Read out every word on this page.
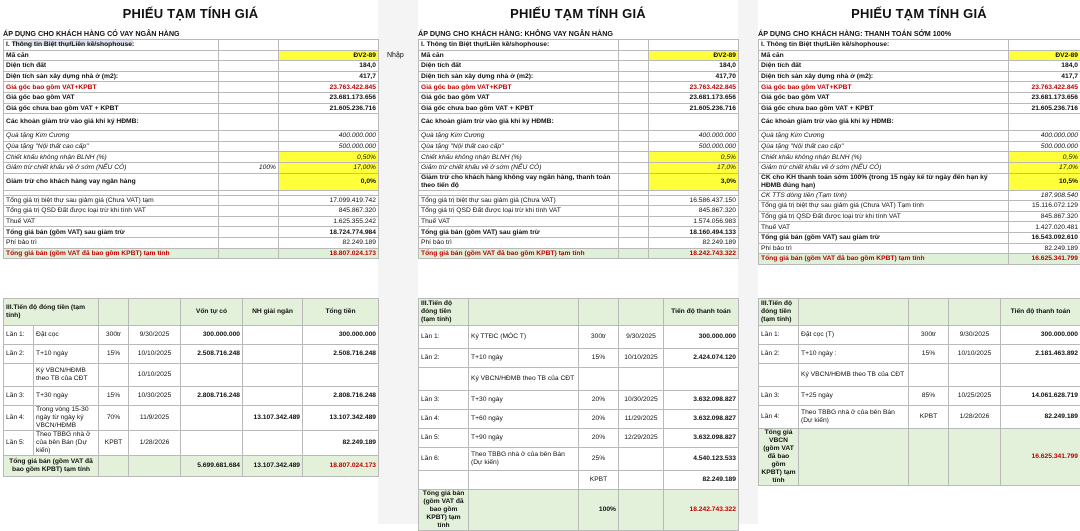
PHIẾU TẠM TÍNH GIÁ
ÁP DỤNG CHO KHÁCH HÀNG CÓ VAY NGÂN HÀNG
I. Thông tin Biệt thự/Liền kề/shophouse:		
Mã căn		ĐV2-89
Diện tích đất		184,0
Diện tích sàn xây dựng nhà ở (m2):		417,7
Giá gốc bao gồm VAT+KPBT		23.763.422.845
Giá gốc bao gồm VAT		23.681.173.656
Giá gốc chưa bao gồm VAT + KPBT		21.605.236.716
Các khoản giảm trừ vào giá khi ký HĐMB:		
Quà tặng Kim Cương		400.000.000
Qùa tặng "Nội thất cao cấp"		500.000.000
Chiết khấu không nhận BLNH (%)		0,50%
Giảm trừ chiết khấu về ở sớm (NẾU CÓ)	100%	17,00%
Giảm trừ cho khách hàng vay ngân hàng		0,0%

Tổng giá trị biệt thự sau giảm giá (Chưa VAT) tạm		17.099.419.742
Tổng giá trị QSD Đất được loại trừ khi tính VAT		845.867.320
Thuế VAT		1.625.355.242
Tổng giá bán (gồm VAT) sau giảm trừ		18.724.774.984
Phí bảo trì		82.249.189
Tổng giá bán (gồm VAT đã bao gồm KPBT) tạm tính		18.807.024.173
III.Tiến độ đóng tiền (tạm tính)				Vốn tự có	NH giải ngân	Tổng tiền
Lần 1:	Đặt cọc	300tr	9/30/2025	300.000.000		300.000.000
Lần 2:	T+10 ngày	15%	10/10/2025	2.508.716.248		2.508.716.248
	Ký VBCN/HĐMB theo TB của CĐT		10/10/2025			
Lần 3:	T+30 ngày	15%	10/30/2025	2.808.716.248		2.808.716.248
Lần 4:	Trong vòng 15-30 ngày từ ngày ký VBCN/HĐMB	70%	11/9/2025		13.107.342.489	13.107.342.489
Lần 5:	Theo TBBG nhà ở của bên Bán (Dự kiến)	KPBT	1/28/2026			82.249.189
Tổng giá bán (gồm VAT đã bao gồm KPBT) tạm tính				5.699.681.684	13.107.342.489	18.807.024.173
PHIẾU TẠM TÍNH GIÁ
ÁP DỤNG CHO KHÁCH HÀNG: KHÔNG VAY NGÂN HÀNG
I. Thông tin Biệt thự/Liền kề/shophouse:		
Mã căn		ĐV2-89
Diện tích đất		184,0
Diện tích sàn xây dựng nhà ở (m2):		417,70
Giá gốc bao gồm VAT+KPBT		23.763.422.845
Giá gốc bao gồm VAT		23.681.173.656
Giá gốc chưa bao gồm VAT + KPBT		21.605.236.716
Các khoản giảm trừ vào giá khi ký HĐMB:		
Quà tặng Kim Cương		400.000.000
Qùa tặng "Nội thất cao cấp"		500.000.000
Chiết khấu không nhận BLNH (%)		0,5%
Giảm trừ chiết khấu về ở sớm (NẾU CÓ)		17,0%
Giảm trừ cho khách hàng không vay ngân hàng, thanh toán theo tiến độ		3,0%

Tổng giá trị biệt thự sau giảm giá (Chưa VAT)		16.586.437.150
Tổng giá trị QSD Đất được loại trừ khi tính VAT		845.867.320
Thuế VAT		1.574.056.983
Tổng giá bán (gồm VAT) sau giảm trừ		18.160.494.133
Phí bảo trì		82.249.189
Tổng giá bán (gồm VAT đã bao gồm KPBT) tạm tính		18.242.743.322
III.Tiến độ đóng tiền (tạm tính)				Tiến độ thanh toán
Lần 1:	Ký TTĐC (MÓC T)	300tr	9/30/2025	300.000.000
Lần 2:	T+10 ngày	15%	10/10/2025	2.424.074.120
	Ký VBCN/HĐMB theo TB của CĐT			
Lần 3:	T+30 ngày	20%	10/30/2025	3.632.098.827
Lần 4:	T+60 ngày	20%	11/29/2025	3.632.098.827
Lần 5:	T+90 ngày	20%	12/29/2025	3.632.098.827
Lần 6:	Theo TBBG nhà ở của bên Bán (Dự kiến)	25%		4.540.123.533
		KPBT		82.249.189
Tổng giá bán (gồm VAT đã bao gồm KPBT) tạm tính		100%		18.242.743.322
Nhập
PHIẾU TẠM TÍNH GIÁ
ÁP DỤNG CHO KHÁCH HÀNG: THANH TOÁN SỚM 100%
I. Thông tin Biệt thự/Liền kề/shophouse:		
Mã căn		ĐV2-89
Diện tích đất		184,0
Diện tích sàn xây dựng nhà ở (m2):		417,7
Giá gốc bao gồm VAT+KPBT		23.763.422.845
Giá gốc bao gồm VAT		23.681.173.656
Giá gốc chưa bao gồm VAT + KPBT		21.605.236.716
Các khoản giảm trừ vào giá khi ký HĐMB:		
Quà tặng Kim Cương		400.000.000
Qùa tặng "Nội thất cao cấp"		500.000.000
Chiết khấu không nhận BLNH (%)		0,5%
Giảm trừ chiết khấu về ở sớm (NẾU CÓ)		17,0%
CK cho KH thanh toán sớm 100% (trong 15 ngày kể từ ngày đến hạn ký HĐMB đúng hạn)		10,5%
CK TTS dòng tiền (Tạm tính)		187.908.540
Tổng giá trị biệt thự sau giảm giá (Chưa VAT) Tạm tính		15.116.072.129
Tổng giá trị QSD Đất được loại trừ khi tính VAT		845.867.320
Thuế VAT		1.427.020.481
Tổng giá bán (gồm VAT) sau giảm trừ		16.543.092.610
Phí bảo trì		82.249.189
Tổng giá bán (gồm VAT đã bao gồm KPBT) tạm tính		16.625.341.799
III.Tiến độ đóng tiền (tạm tính)				Tiến độ thanh toán
Lần 1:	Đặt cọc (T)	300tr	9/30/2025	300.000.000
Lần 2:	T+10 ngày :	15%	10/10/2025	2.181.463.892
	Ký VBCN/HĐMB theo TB của CĐT			
Lần 3:	T+25 ngày	85%	10/25/2025	14.061.628.719
Lần 4:	Theo TBBG nhà ở của bên Bán (Dự kiến)	KPBT	1/28/2026	82.249.189
Tổng giá VBCN (gồm VAT đã bao gồm KPBT) tạm tính				16.625.341.799
